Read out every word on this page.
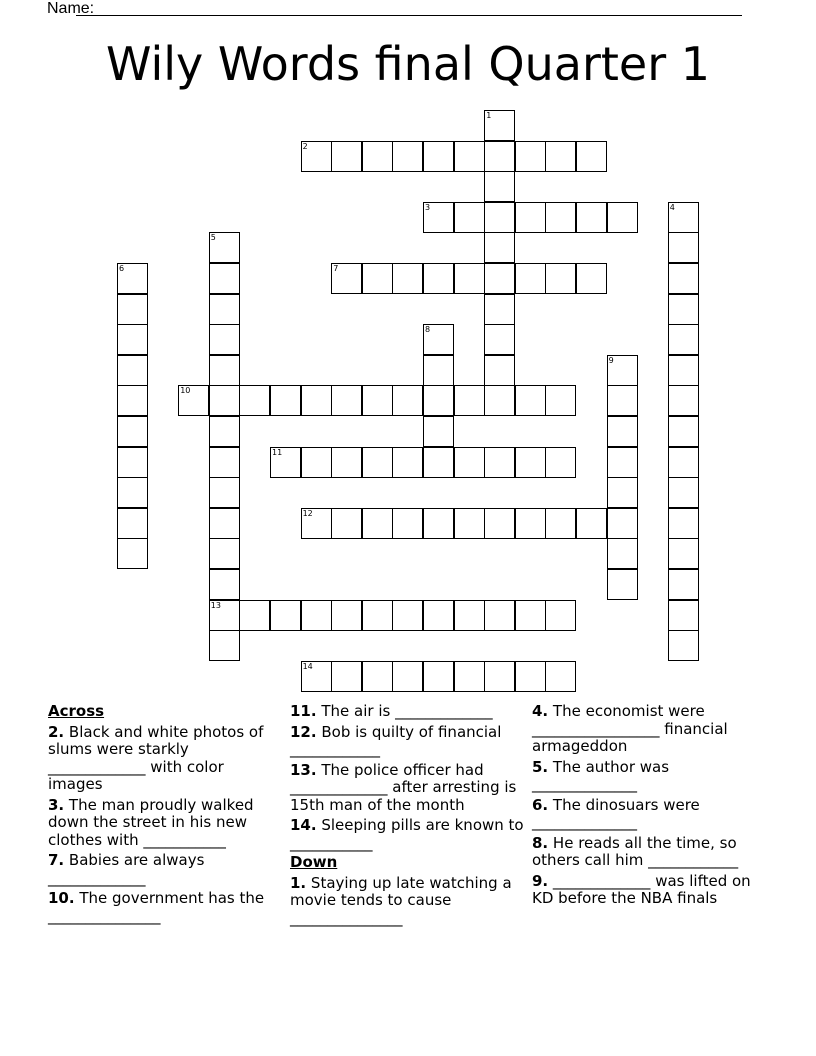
Name:
Wily Words final Quarter 1
1
2
3	4
5
6	7
8
9
10
11
12
13
14
Across
2. Black and white photos of slums were starkly _____________ with color images
3. The man proudly walked down the street in his new clothes with ___________
7. Babies are always _____________
10. The government has the _______________
11. The air is _____________
12. Bob is quilty of financial ____________
13. The police officer had _____________ after arresting is 15th man of the month
14. Sleeping pills are known to ___________
Down
1. Staying up late watching a movie tends to cause _______________
4. The economist were _________________ financial armageddon
5. The author was ______________
6. The dinosuars were ______________
8. He reads all the time, so others call him ____________
9. _____________ was lifted on KD before the NBA finals
